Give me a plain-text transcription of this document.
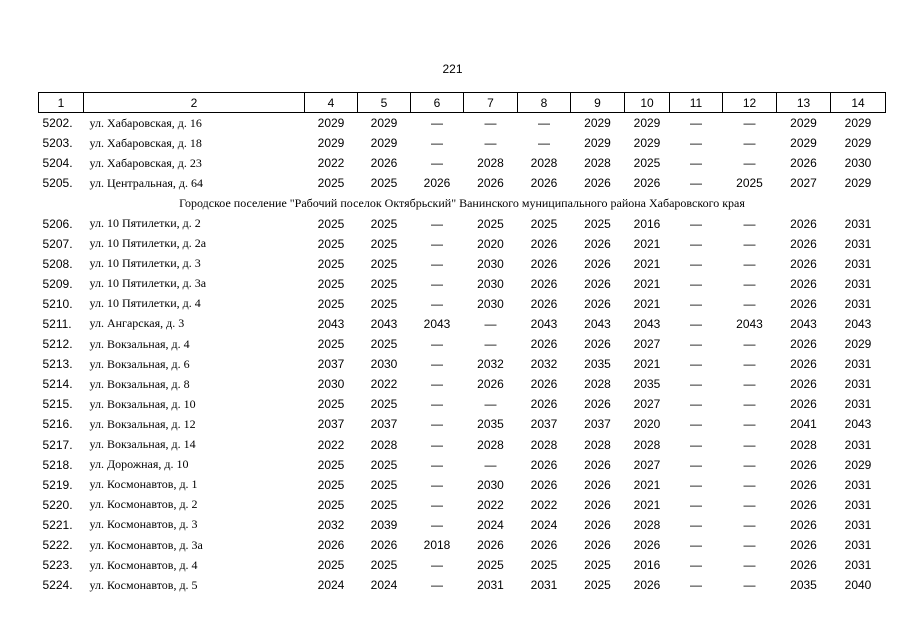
221
1	2	4	5	6	7	8	9	10	11	12	13	14
5202.	ул. Хабаровская, д. 16	2029	2029	—	—	—	2029	2029	—	—	2029	2029
5203.	ул. Хабаровская, д. 18	2029	2029	—	—	—	2029	2029	—	—	2029	2029
5204.	ул. Хабаровская, д. 23	2022	2026	—	2028	2028	2028	2025	—	—	2026	2030
5205.	ул. Центральная, д. 64	2025	2025	2026	2026	2026	2026	2026	—	2025	2027	2029
Городское поселение "Рабочий поселок Октябрьский" Ванинского муниципального района Хабаровского края												
5206.	ул. 10 Пятилетки, д. 2	2025	2025	—	2025	2025	2025	2016	—	—	2026	2031
5207.	ул. 10 Пятилетки, д. 2а	2025	2025	—	2020	2026	2026	2021	—	—	2026	2031
5208.	ул. 10 Пятилетки, д. 3	2025	2025	—	2030	2026	2026	2021	—	—	2026	2031
5209.	ул. 10 Пятилетки, д. 3а	2025	2025	—	2030	2026	2026	2021	—	—	2026	2031
5210.	ул. 10 Пятилетки, д. 4	2025	2025	—	2030	2026	2026	2021	—	—	2026	2031
5211.	ул. Ангарская, д. 3	2043	2043	2043	—	2043	2043	2043	—	2043	2043	2043
5212.	ул. Вокзальная, д. 4	2025	2025	—	—	2026	2026	2027	—	—	2026	2029
5213.	ул. Вокзальная, д. 6	2037	2030	—	2032	2032	2035	2021	—	—	2026	2031
5214.	ул. Вокзальная, д. 8	2030	2022	—	2026	2026	2028	2035	—	—	2026	2031
5215.	ул. Вокзальная, д. 10	2025	2025	—	—	2026	2026	2027	—	—	2026	2031
5216.	ул. Вокзальная, д. 12	2037	2037	—	2035	2037	2037	2020	—	—	2041	2043
5217.	ул. Вокзальная, д. 14	2022	2028	—	2028	2028	2028	2028	—	—	2028	2031
5218.	ул. Дорожная, д. 10	2025	2025	—	—	2026	2026	2027	—	—	2026	2029
5219.	ул. Космонавтов, д. 1	2025	2025	—	2030	2026	2026	2021	—	—	2026	2031
5220.	ул. Космонавтов, д. 2	2025	2025	—	2022	2022	2026	2021	—	—	2026	2031
5221.	ул. Космонавтов, д. 3	2032	2039	—	2024	2024	2026	2028	—	—	2026	2031
5222.	ул. Космонавтов, д. 3а	2026	2026	2018	2026	2026	2026	2026	—	—	2026	2031
5223.	ул. Космонавтов, д. 4	2025	2025	—	2025	2025	2025	2016	—	—	2026	2031
5224.	ул. Космонавтов, д. 5	2024	2024	—	2031	2031	2025	2026	—	—	2035	2040
